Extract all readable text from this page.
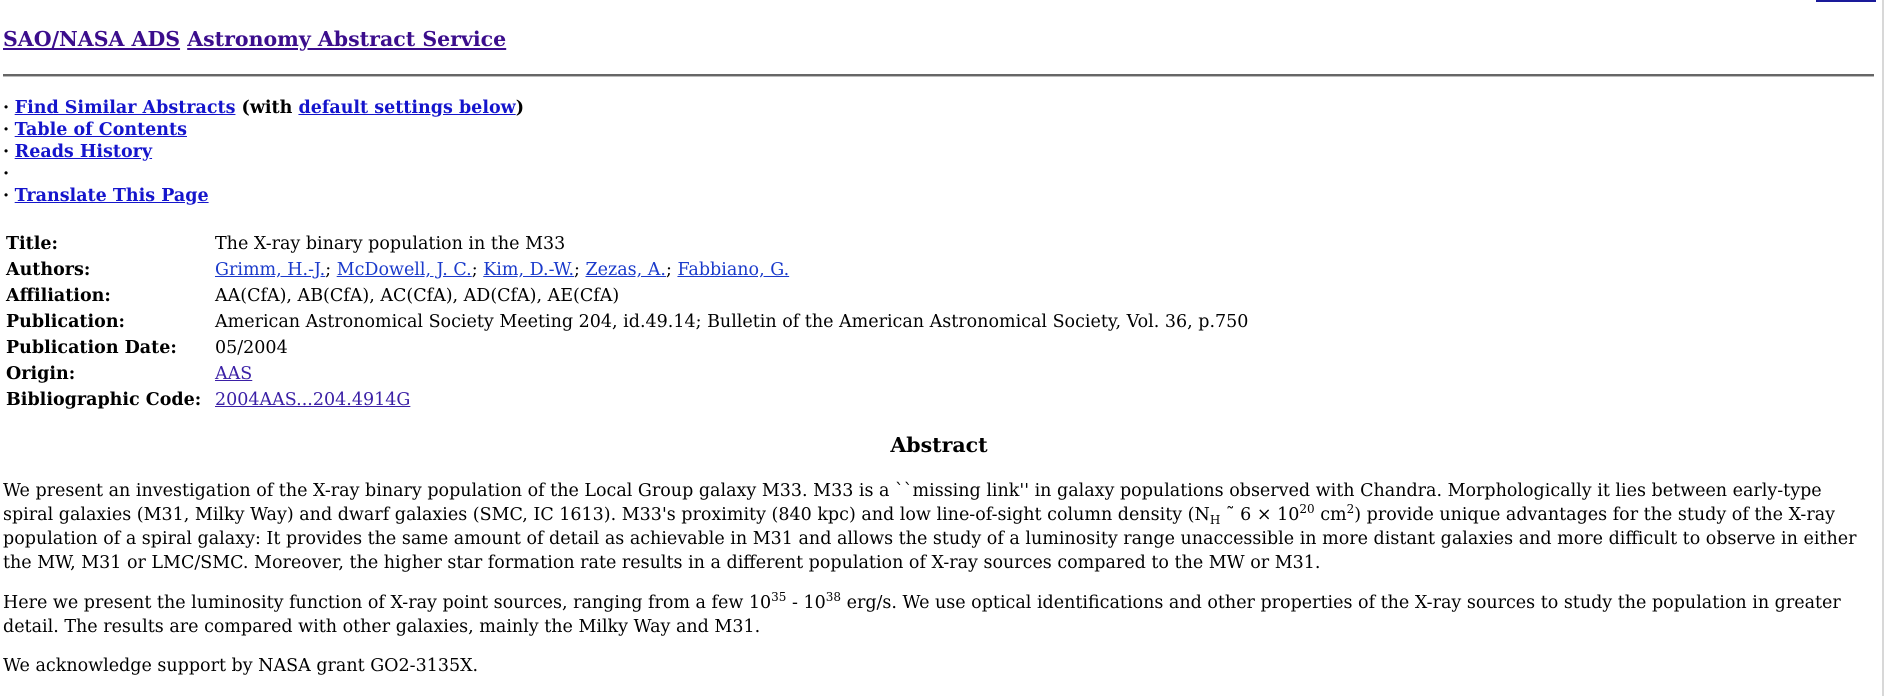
SAO/NASA ADS Astronomy Abstract Service
· Find Similar Abstracts (with default settings below)
· Table of Contents
· Reads History
·
· Translate This Page
Title:	The X-ray binary population in the M33
Authors:	Grimm, H.-J.; McDowell, J. C.; Kim, D.-W.; Zezas, A.; Fabbiano, G.
Affiliation:	AA(CfA), AB(CfA), AC(CfA), AD(CfA), AE(CfA)
Publication:	American Astronomical Society Meeting 204, id.49.14; Bulletin of the American Astronomical Society, Vol. 36, p.750
Publication Date:	05/2004
Origin:	AAS
Bibliographic Code:	2004AAS...204.4914G
Abstract
We present an investigation of the X-ray binary population of the Local Group galaxy M33. M33 is a ``missing link'' in galaxy populations observed with Chandra. Morphologically it lies between early-type spiral galaxies (M31, Milky Way) and dwarf galaxies (SMC, IC 1613). M33's proximity (840 kpc) and low line-of-sight column density ($N_H$ ˜ $6 \times 10^{20}$ $cm^2$) provide unique advantages for the study of the X-ray population of a spiral galaxy: It provides the same amount of detail as achievable in M31 and allows the study of a luminosity range unaccessible in more distant galaxies and more difficult to observe in either the MW, M31 or LMC/SMC. Moreover, the higher star formation rate results in a different population of X-ray sources compared to the MW or M31.
Here we present the luminosity function of X-ray point sources, ranging from a few $10^{35} - 10^{38}$ erg/s. We use optical identifications and other properties of the X-ray sources to study the population in greater detail. The results are compared with other galaxies, mainly the Milky Way and M31.
We acknowledge support by NASA grant GO2-3135X.
